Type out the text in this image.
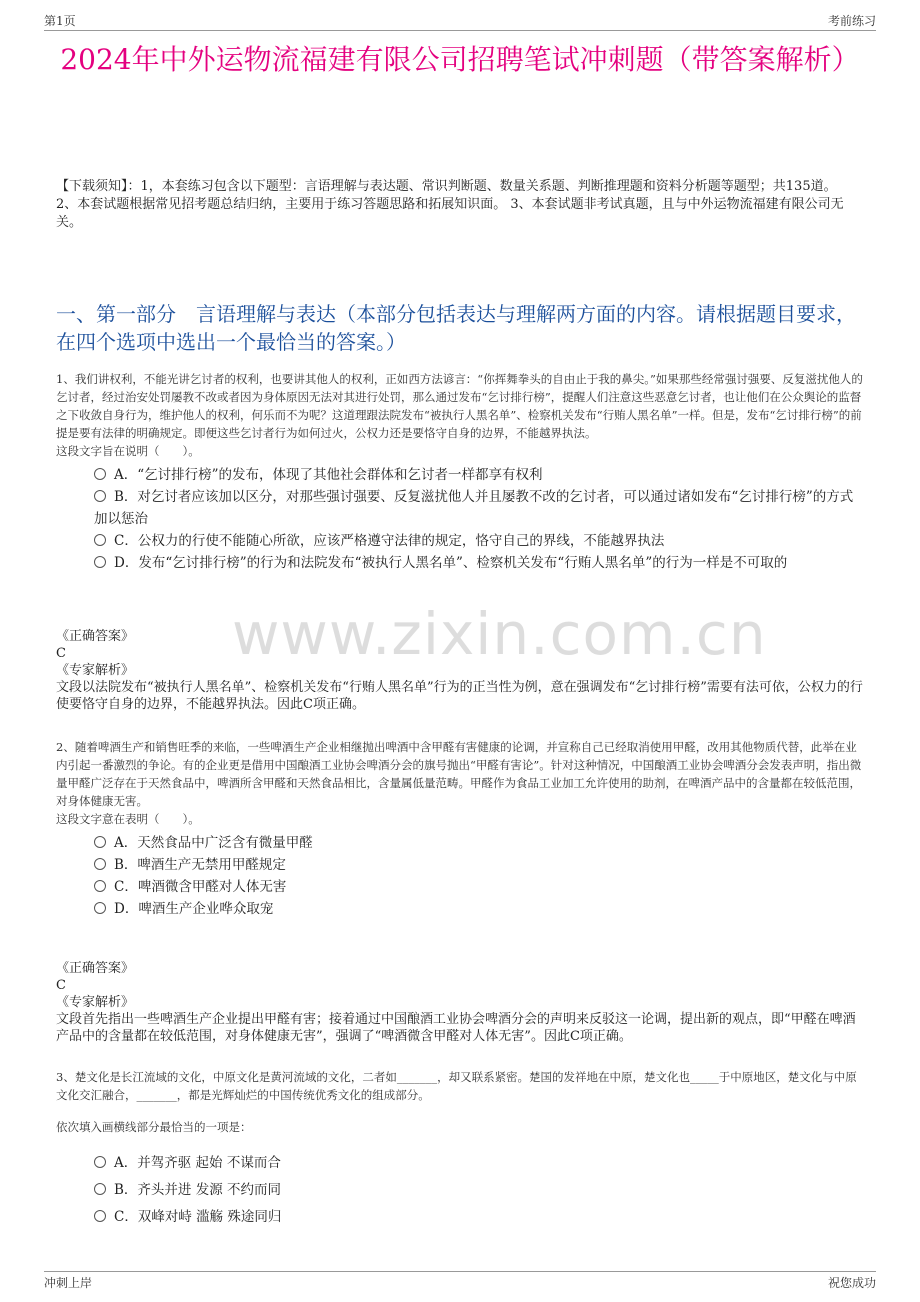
第1页	考前练习
2024年中外运物流福建有限公司招聘笔试冲刺题（带答案解析）
【下载须知】：1，本套练习包含以下题型：言语理解与表达题、常识判断题、数量关系题、判断推理题和资料分析题等题型；共135道。 2、本套试题根据常见招考题总结归纳，主要用于练习答题思路和拓展知识面。 3、本套试题非考试真题，且与中外运物流福建有限公司无关。
一、第一部分　言语理解与表达（本部分包括表达与理解两方面的内容。请根据题目要求，在四个选项中选出一个最恰当的答案。）
www.zixin.com.cn
1、我们讲权利，不能光讲乞讨者的权利，也要讲其他人的权利，正如西方法谚言：“你挥舞拳头的自由止于我的鼻尖。”如果那些经常强讨强要、反复滋扰他人的乞讨者，经过治安处罚屡教不改或者因为身体原因无法对其进行处罚，那么通过发布“乞讨排行榜”，提醒人们注意这些恶意乞讨者，也让他们在公众舆论的监督之下收敛自身行为，维护他人的权利，何乐而不为呢？这道理跟法院发布“被执行人黑名单”、检察机关发布“行贿人黑名单”一样。但是，发布“乞讨排行榜”的前提是要有法律的明确规定。即便这些乞讨者行为如何过火，公权力还是要恪守自身的边界，不能越界执法。
这段文字旨在说明（　　）。
A．“乞讨排行榜”的发布，体现了其他社会群体和乞讨者一样都享有权利
B．对乞讨者应该加以区分，对那些强讨强要、反复滋扰他人并且屡教不改的乞讨者，可以通过诸如发布“乞讨排行榜”的方式加以惩治
C．公权力的行使不能随心所欲，应该严格遵守法律的规定，恪守自己的界线，不能越界执法
D．发布“乞讨排行榜”的行为和法院发布“被执行人黑名单”、检察机关发布“行贿人黑名单”的行为一样是不可取的
《正确答案》
C
《专家解析》
文段以法院发布“被执行人黑名单”、检察机关发布“行贿人黑名单”行为的正当性为例，意在强调发布“乞讨排行榜”需要有法可依，公权力的行使要恪守自身的边界，不能越界执法。因此C项正确。
2、随着啤酒生产和销售旺季的来临，一些啤酒生产企业相继抛出啤酒中含甲醛有害健康的论调，并宣称自己已经取消使用甲醛，改用其他物质代替，此举在业内引起一番激烈的争论。有的企业更是借用中国酿酒工业协会啤酒分会的旗号抛出“甲醛有害论”。针对这种情况，中国酿酒工业协会啤酒分会发表声明，指出微量甲醛广泛存在于天然食品中，啤酒所含甲醛和天然食品相比，含量属低量范畴。甲醛作为食品工业加工允许使用的助剂，在啤酒产品中的含量都在较低范围，对身体健康无害。
这段文字意在表明（　　）。
A．天然食品中广泛含有微量甲醛
B．啤酒生产无禁用甲醛规定
C．啤酒微含甲醛对人体无害
D．啤酒生产企业哗众取宠
《正确答案》
C
《专家解析》
文段首先指出一些啤酒生产企业提出甲醛有害；接着通过中国酿酒工业协会啤酒分会的声明来反驳这一论调，提出新的观点，即“甲醛在啤酒产品中的含量都在较低范围，对身体健康无害”，强调了“啤酒微含甲醛对人体无害”。因此C项正确。
3、楚文化是长江流域的文化，中原文化是黄河流域的文化，二者如_______，却又联系紧密。楚国的发祥地在中原，楚文化也_____于中原地区，楚文化与中原文化交汇融合，_______，都是光辉灿烂的中国传统优秀文化的组成部分。
依次填入画横线部分最恰当的一项是：
A．并驾齐驱 起始 不谋而合
B．齐头并进 发源 不约而同
C．双峰对峙 滥觞 殊途同归
冲刺上岸	祝您成功
